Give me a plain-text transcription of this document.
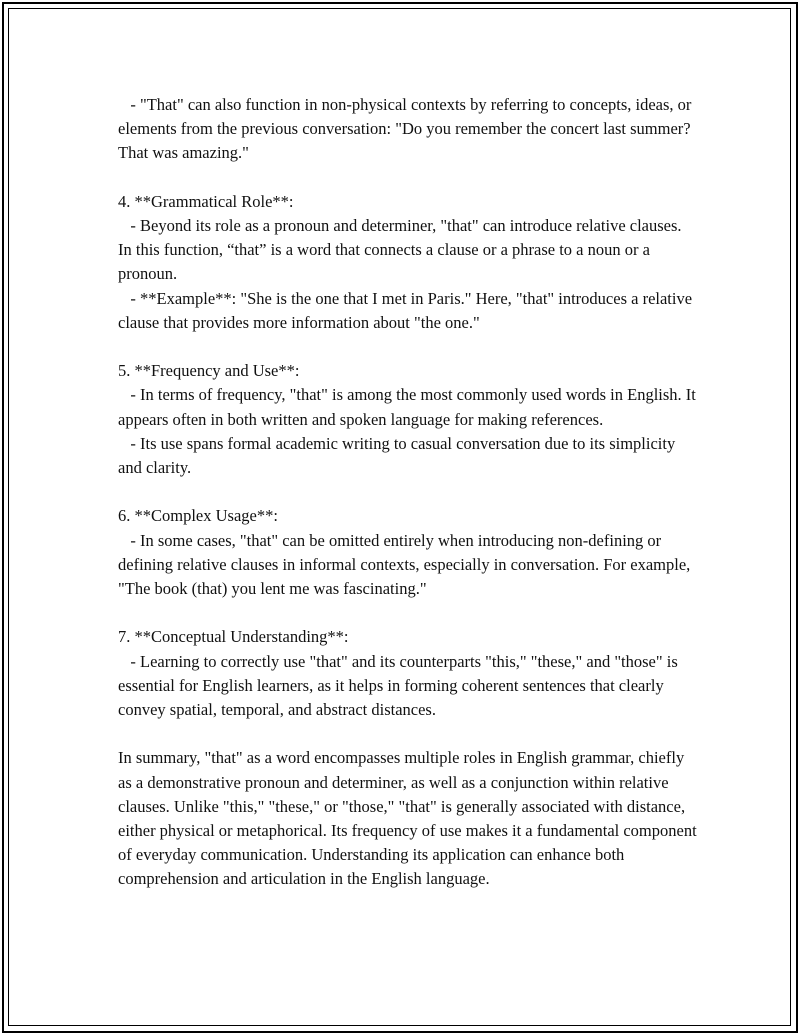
- "That" can also function in non-physical contexts by referring to concepts, ideas, or elements from the previous conversation: "Do you remember the concert last summer? That was amazing."

4. **Grammatical Role**:

- Beyond its role as a pronoun and determiner, "that" can introduce relative clauses. In this function, “that” is a word that connects a clause or a phrase to a noun or a pronoun.

- **Example**: "She is the one that I met in Paris." Here, "that" introduces a relative clause that provides more information about "the one."

5. **Frequency and Use**:

- In terms of frequency, "that" is among the most commonly used words in English. It appears often in both written and spoken language for making references.

- Its use spans formal academic writing to casual conversation due to its simplicity and clarity.

6. **Complex Usage**:

- In some cases, "that" can be omitted entirely when introducing non-defining or defining relative clauses in informal contexts, especially in conversation. For example, "The book (that) you lent me was fascinating."

7. **Conceptual Understanding**:

- Learning to correctly use "that" and its counterparts "this," "these," and "those" is essential for English learners, as it helps in forming coherent sentences that clearly convey spatial, temporal, and abstract distances.

In summary, "that" as a word encompasses multiple roles in English grammar, chiefly as a demonstrative pronoun and determiner, as well as a conjunction within relative clauses. Unlike "this," "these," or "those," "that" is generally associated with distance, either physical or metaphorical. Its frequency of use makes it a fundamental component of everyday communication. Understanding its application can enhance both comprehension and articulation in the English language.
